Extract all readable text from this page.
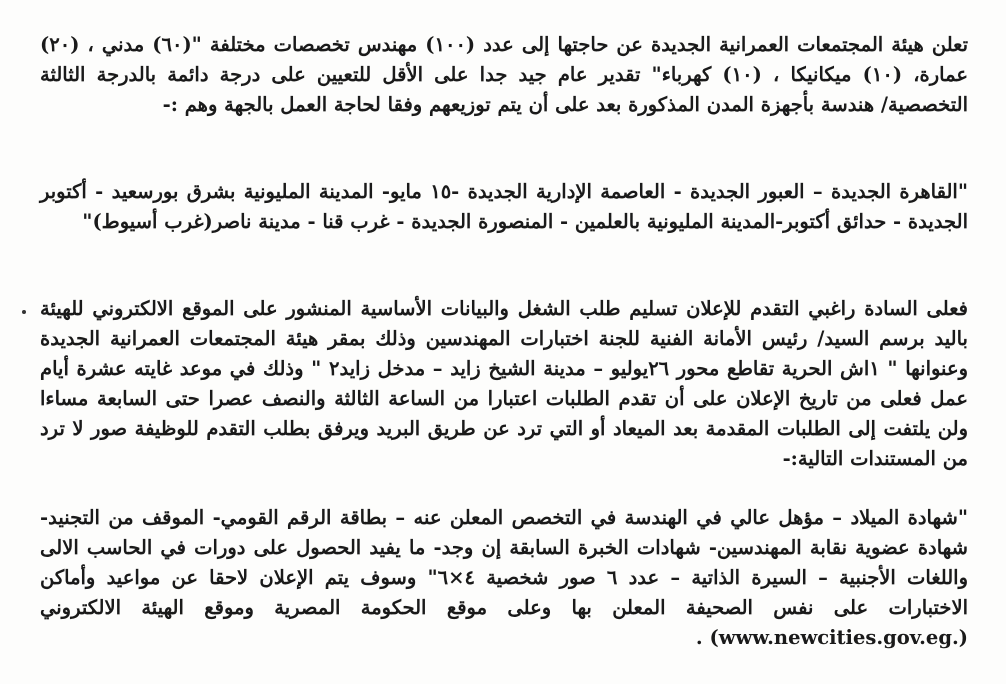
تعلن هيئة المجتمعات العمرانية الجديدة عن حاجتها إلى عدد (١٠٠) مهندس تخصصات مختلفة "(٦٠) مدني ، (٢٠) عمارة، (١٠) ميكانيكا ، (١٠) كهرباء" تقدير عام جيد جدا على الأقل للتعيين على درجة دائمة بالدرجة الثالثة التخصصية/ هندسة بأجهزة المدن المذكورة بعد على أن يتم توزيعهم وفقا لحاجة العمل بالجهة وهم :-

"القاهرة الجديدة – العبور الجديدة - العاصمة الإدارية الجديدة -١٥ مايو- المدينة المليونية بشرق بورسعيد - أكتوبر الجديدة - حدائق أكتوبر-المدينة المليونية بالعلمين - المنصورة الجديدة - غرب قنا - مدينة ناصر(غرب أسيوط)"

فعلى السادة راغبي التقدم للإعلان تسليم طلب الشغل والبيانات الأساسية المنشور على الموقع الالكتروني للهيئة باليد برسم السيد/ رئيس الأمانة الفنية للجنة اختبارات المهندسين وذلك بمقر هيئة المجتمعات العمرانية الجديدة وعنوانها " ١اش الحرية تقاطع محور ٢٦يوليو – مدينة الشيخ زايد – مدخل زايد٢ " وذلك في موعد غايته عشرة أيام عمل فعلى من تاريخ الإعلان على أن تقدم الطلبات اعتبارا من الساعة الثالثة والنصف عصرا حتى السابعة مساءا ولن يلتفت إلى الطلبات المقدمة بعد الميعاد أو التي ترد عن طريق البريد ويرفق بطلب التقدم للوظيفة صور لا ترد من المستندات التالية:-

"شهادة الميلاد – مؤهل عالي في الهندسة في التخصص المعلن عنه – بطاقة الرقم القومي- الموقف من التجنيد- شهادة عضوية نقابة المهندسين- شهادات الخبرة السابقة إن وجد- ما يفيد الحصول على دورات في الحاسب الالى واللغات الأجنبية – السيرة الذاتية – عدد ٦ صور شخصية ٤×٦" وسوف يتم الإعلان لاحقا عن مواعيد وأماكن الاختبارات على نفس الصحيفة المعلن بها وعلى موقع الحكومة المصرية وموقع الهيئة الالكتروني (www.newcities.gov.eg.) .
